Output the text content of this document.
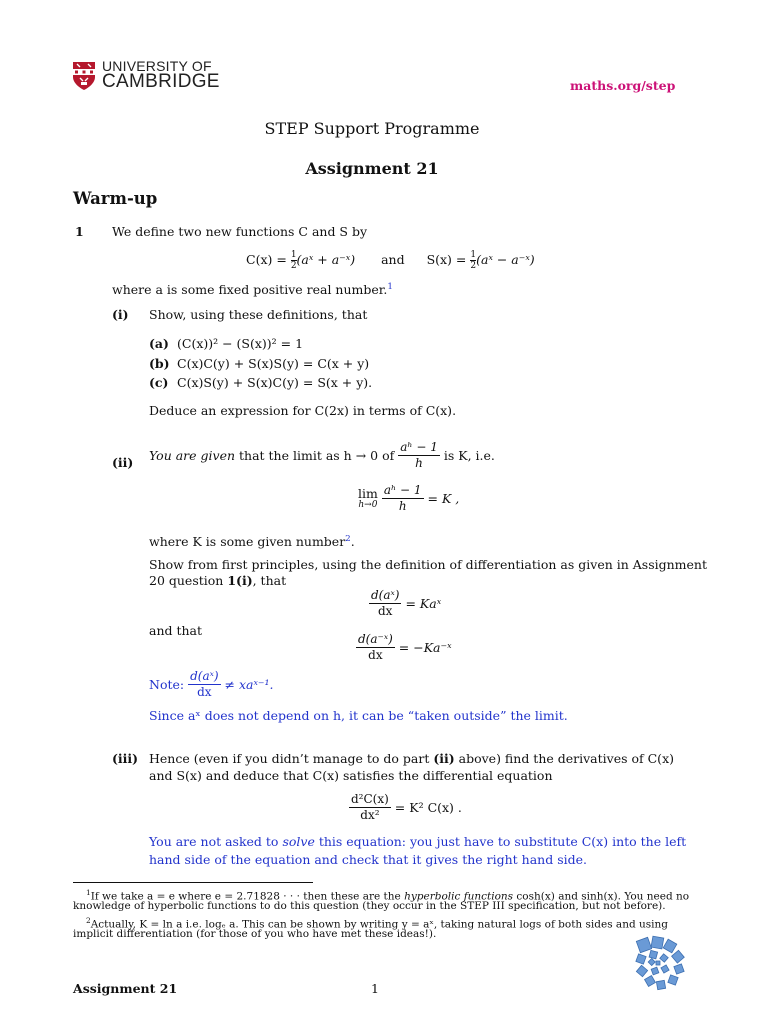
UNIVERSITY OF
CAMBRIDGE	maths.org/step
STEP Support Programme
Assignment 21
Warm-up
1 We define two new functions C and S by
$C(x) = \frac{1}{2}$ (aˣ + a⁻ˣ) and $S(x) = \frac{1}{2}$ (aˣ − a⁻ˣ)
where a is some fixed positive real number.$^1$
(i) Show, using these definitions, that
(a) (C(x))² − (S(x))² = 1
(b) C(x)C(y) + S(x)S(y) = C(x + y)
(c) C(x)S(y) + S(x)C(y) = S(x + y).
Deduce an expression for C(2x) in terms of C(x).
(ii) You are given that the limit as h → 0 of $\frac{\text{aʰ − 1}}{h}$ is K, i.e.
lim
h→0
$\frac{\text{aʰ − 1}}{h} = K$ ,
where K is some given number$^2$.
Show from first principles, using the definition of differentiation as given in Assignment
20 question 1(i), that
$\frac{\text{d(aˣ)}}{dx}$ = Kaˣ
and that
$\frac{\text{d(a⁻ˣ)}}{dx}$ = −Ka⁻ˣ
Note: $\frac{\text{d(aˣ)}}{dx}$ ≠ xaˣ⁻¹.
Since aˣ does not depend on h, it can be “taken outside” the limit.
(iii) Hence (even if you didn’t manage to do part (ii) above) find the derivatives of C(x)
and S(x) and deduce that C(x) satisfies the differential equation
$\frac{\text{d²C(x)}}{\text{dx²}} = K^2$ C(x) .
You are not asked to solve this equation: you just have to substitute C(x) into the left
hand side of the equation and check that it gives the right hand side.
$^1$If we take a = e where e = 2.71828 · · · then these are the hyperbolic functions cosh(x) and sinh(x). You need no
knowledge of hyperbolic functions to do this question (they occur in the STEP III specification, but not before).
$^2$Actually, K = ln a i.e. logₑ a. This can be shown by writing y = aˣ, taking natural logs of both sides and using
implicit differentiation (for those of you who have met these ideas!).
Assignment 21	1
